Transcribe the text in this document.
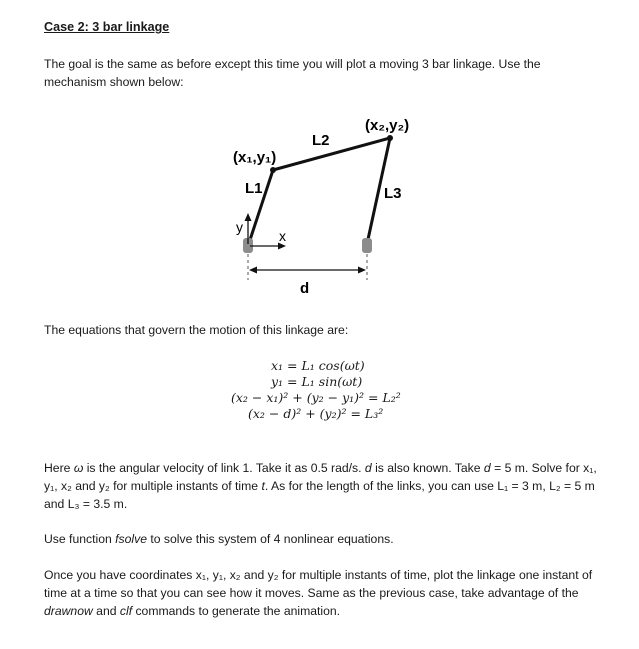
Case 2: 3 bar linkage
The goal is the same as before except this time you will plot a moving 3 bar linkage. Use the mechanism shown below:
(x₁,y₁)
(x₂,y₂)
L2
L1	L3
y
x
d
The equations that govern the motion of this linkage are:
x₁ = L₁ cos(ωt)
y₁ = L₁ sin(ωt)
(x₂ − x₁)² + (y₂ − y₁)² = L₂²
(x₂ − d)² + (y₂)² = L₃²
Here ω is the angular velocity of link 1. Take it as 0.5 rad/s. d is also known. Take d = 5 m. Solve for x₁, y₁, x₂ and y₂ for multiple instants of time t. As for the length of the links, you can use L₁ = 3 m, L₂ = 5 m and L₃ = 3.5 m.
Use function fsolve to solve this system of 4 nonlinear equations.
Once you have coordinates x₁, y₁, x₂ and y₂ for multiple instants of time, plot the linkage one instant of time at a time so that you can see how it moves. Same as the previous case, take advantage of the drawnow and clf commands to generate the animation.
